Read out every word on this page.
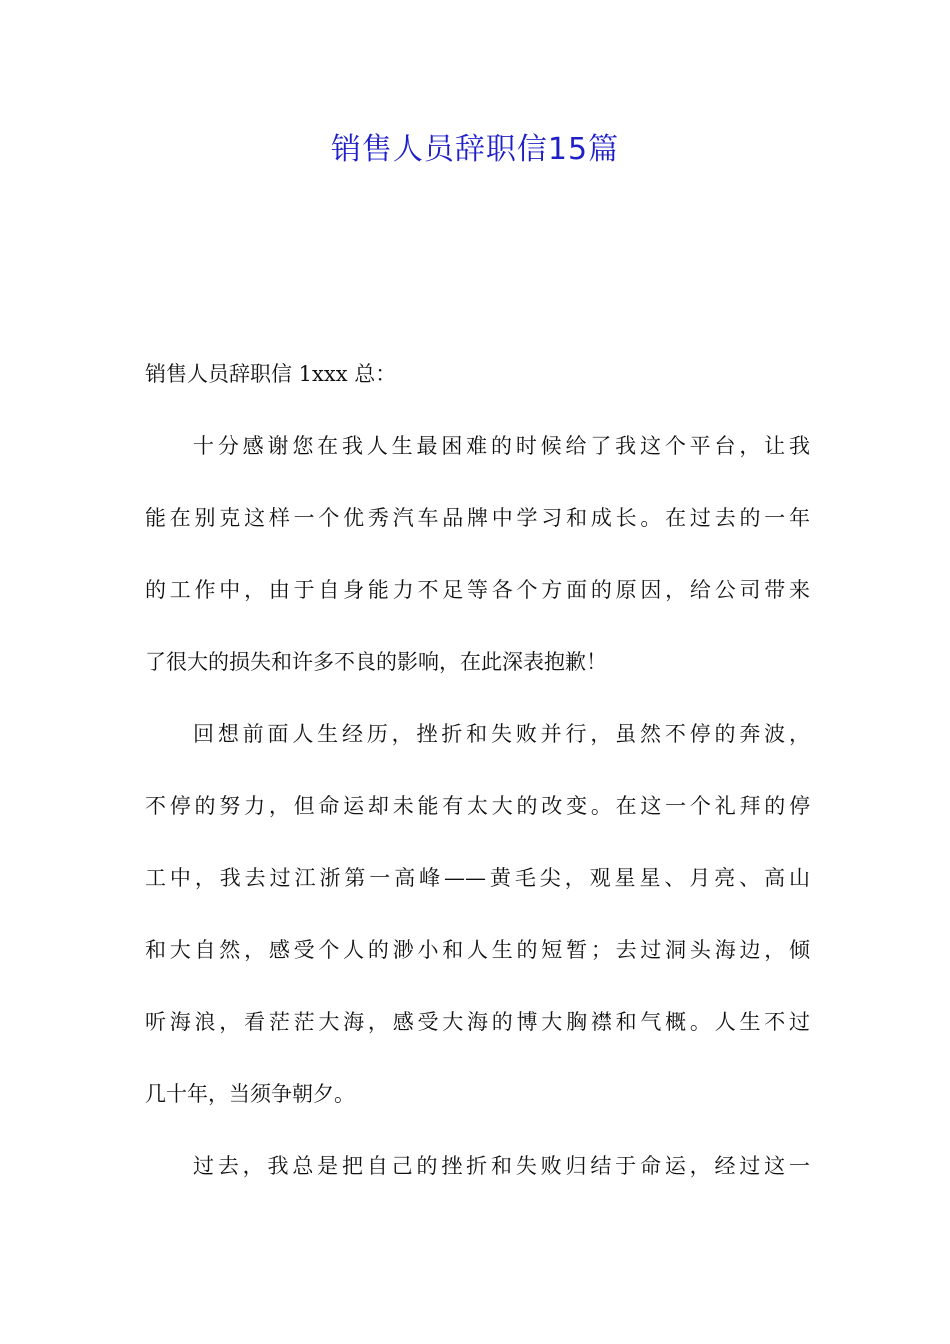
销售人员辞职信15篇
销售人员辞职信 1xxx 总：
十分感谢您在我人生最困难的时候给了我这个平台，让我
能在别克这样一个优秀汽车品牌中学习和成长。在过去的一年
的工作中，由于自身能力不足等各个方面的原因，给公司带来
了很大的损失和许多不良的影响，在此深表抱歉！
回想前面人生经历，挫折和失败并行，虽然不停的奔波，
不停的努力，但命运却未能有太大的改变。在这一个礼拜的停
工中，我去过江浙第一高峰——黄毛尖，观星星、月亮、高山
和大自然，感受个人的渺小和人生的短暂；去过洞头海边，倾
听海浪，看茫茫大海，感受大海的博大胸襟和气概。人生不过
几十年，当须争朝夕。
过去，我总是把自己的挫折和失败归结于命运，经过这一
